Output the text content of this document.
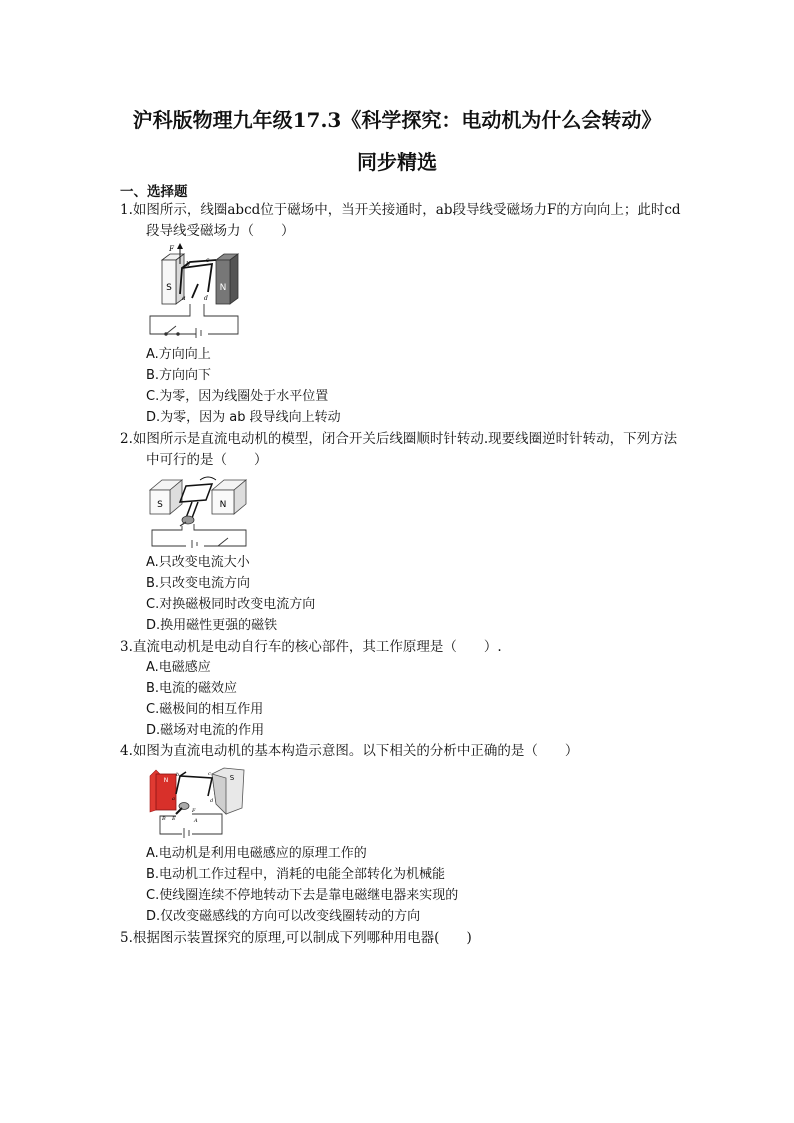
沪科版物理九年级17.3《科学探究：电动机为什么会转动》
同步精选
一、选择题
1.如图所示，线圈abcd位于磁场中，当开关接通时，ab段导线受磁场力F的方向向上；此时cd
段导线受磁场力（　　）
S	N
F
b
c
a	d
A.方向向上
B.方向向下
C.为零，因为线圈处于水平位置
D.为零，因为 ab 段导线向上转动
2.如图所示是直流电动机的模型，闭合开关后线圈顺时针转动.现要线圈逆时针转动，下列方法
中可行的是（　　）
S	N
A.只改变电流大小
B.只改变电流方向
C.对换磁极同时改变电流方向
D.换用磁性更强的磁铁
3.直流电动机是电动自行车的核心部件，其工作原理是（　　）.
A.电磁感应
B.电流的磁效应
C.磁极间的相互作用
D.磁场对电流的作用
4.如图为直流电动机的基本构造示意图。以下相关的分析中正确的是（　　）
N	S
b	c
a	d
B	A
F
E
A.电动机是利用电磁感应的原理工作的
B.电动机工作过程中，消耗的电能全部转化为机械能
C.使线圈连续不停地转动下去是靠电磁继电器来实现的
D.仅改变磁感线的方向可以改变线圈转动的方向
5.根据图示装置探究的原理,可以制成下列哪种用电器(　　)
